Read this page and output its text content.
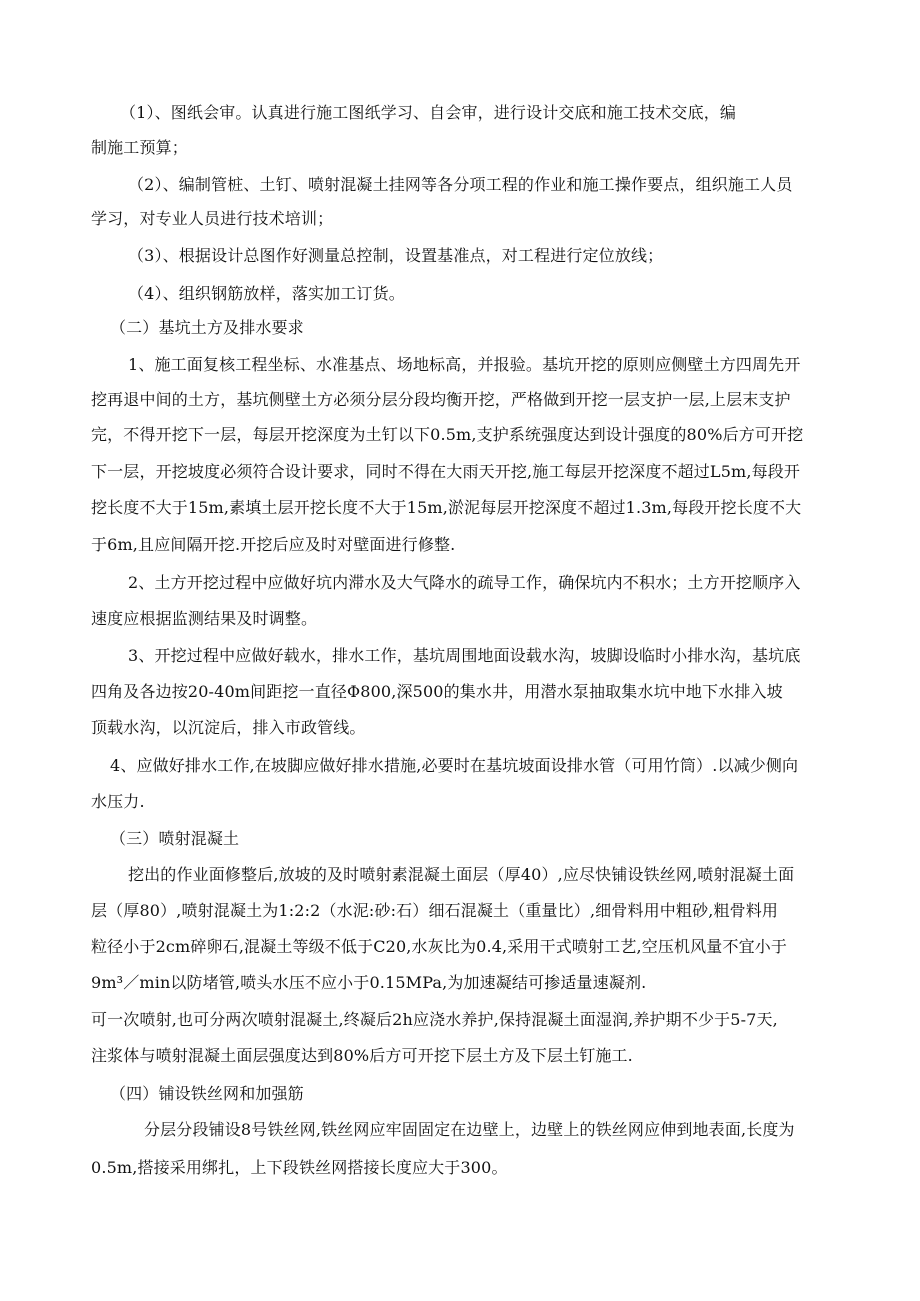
（1）、图纸会审。认真进行施工图纸学习、自会审，进行设计交底和施工技术交底，编
制施工预算；
（2）、编制管桩、土钉、喷射混凝土挂网等各分项工程的作业和施工操作要点，组织施工人员
学习，对专业人员进行技术培训；
（3）、根据设计总图作好测量总控制，设置基准点，对工程进行定位放线；
（4）、组织钢筋放样，落实加工订货。
（二）基坑土方及排水要求
1、施工面复核工程坐标、水准基点、场地标高，并报验。基坑开挖的原则应侧壁土方四周先开
挖再退中间的土方，基坑侧壁土方必须分层分段均衡开挖，严格做到开挖一层支护一层,上层末支护
完，不得开挖下一层，每层开挖深度为土钉以下0.5m,支护系统强度达到设计强度的80%后方可开挖
下一层，开挖坡度必须符合设计要求，同时不得在大雨天开挖,施工每层开挖深度不超过L5m,每段开
挖长度不大于15m,素填土层开挖长度不大于15m,淤泥每层开挖深度不超过1.3m,每段开挖长度不大
于6m,且应间隔开挖.开挖后应及时对壁面进行修整.
2、土方开挖过程中应做好坑内滞水及大气降水的疏导工作，确保坑内不积水；土方开挖顺序入
速度应根据监测结果及时调整。
3、开挖过程中应做好载水，排水工作，基坑周围地面设载水沟，坡脚设临时小排水沟，基坑底
四角及各边按20-40m间距挖一直径Φ800,深500的集水井，用潜水泵抽取集水坑中地下水排入坡
顶载水沟，以沉淀后，排入市政管线。
4、应做好排水工作,在坡脚应做好排水措施,必要时在基坑坡面设排水管（可用竹筒）.以减少侧向
水压力.
（三）喷射混凝土
挖出的作业面修整后,放坡的及时喷射素混凝土面层（厚40）,应尽快铺设铁丝网,喷射混凝土面
层（厚80）,喷射混凝土为1:2:2（水泥:砂:石）细石混凝土（重量比）,细骨料用中粗砂,粗骨料用
粒径小于2cm碎卵石,混凝土等级不低于C20,水灰比为0.4,采用干式喷射工艺,空压机风量不宜小于
9m³／min以防堵管,喷头水压不应小于0.15MPa,为加速凝结可掺适量速凝剂.
可一次喷射,也可分两次喷射混凝土,终凝后2h应浇水养护,保持混凝土面湿润,养护期不少于5-7天,
注浆体与喷射混凝土面层强度达到80%后方可开挖下层土方及下层土钉施工.
（四）铺设铁丝网和加强筋
分层分段铺设8号铁丝网,铁丝网应牢固固定在边壁上，边壁上的铁丝网应伸到地表面,长度为
0.5m,搭接采用绑扎，上下段铁丝网搭接长度应大于300。
